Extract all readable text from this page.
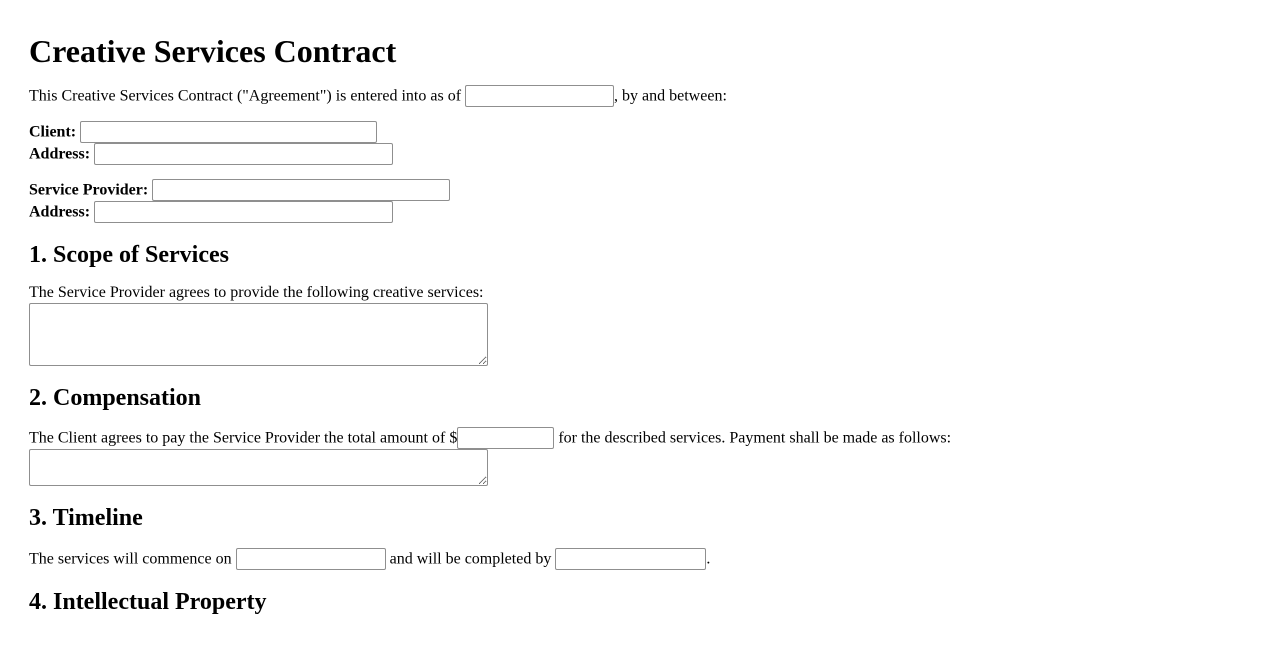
Creative Services Contract

This Creative Services Contract ("Agreement") is entered into as of	, by and between:

Client:
Address:

Service Provider:
Address:

1. Scope of Services

The Service Provider agrees to provide the following creative services:

2. Compensation

The Client agrees to pay the Service Provider the total amount of $	for the described services. Payment shall be made as follows:

3. Timeline

The services will commence on	and will be completed by	.

4. Intellectual Property
